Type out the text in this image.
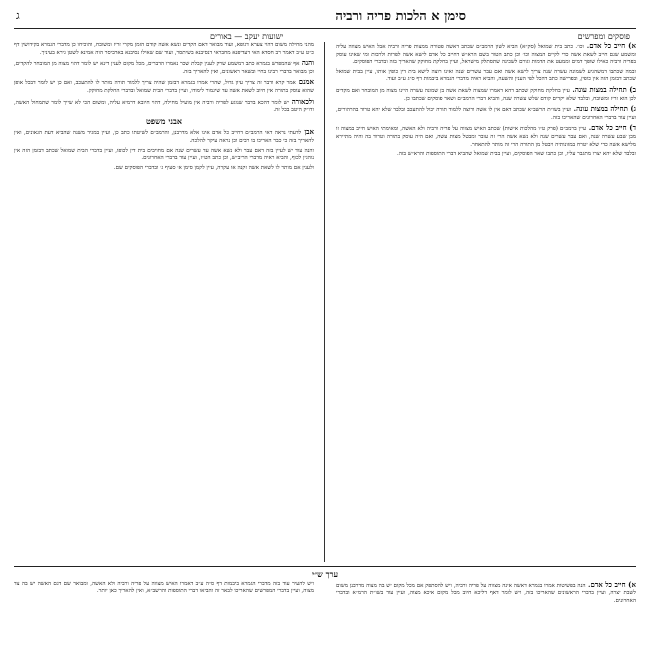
סימן א הלכות פריה ורביה
ג
פוסקים ומפרשים
ישועות יעקב — באורים

א) חייב כל אדם. וכו׳. כתב בית שמואל (סק״א) הביא לשון הרמב״ם שכתב דאשה פטורה ממצות פריה ורביה אבל האיש מצווה עליה ומשמע שגם חייב לשאת אשה כדי לקיים המצוה וכו׳ וכן כתב הטור בשם הרא״ש דחייב כל אדם לישא אשה לפרות ולרבות ומי שאינו עוסק בפריה ורביה כאילו שופך דמים וממעט את הדמות וגורם לשכינה שתסתלק מישראל, ועיין בחלקת מחוקק שהאריך בזה ובדברי הפוסקים.

ובמה שכתבו דמשהגיע לשמונה עשרה שנה צריך לישא אשה ואם עבר עשרים שנה ואינו רוצה לישא בית דין כופין אותו, עיין בבית שמואל שכתב דבזמן הזה אין כופין, ובפרישה כתב דהכל לפי הענין והשעה, והביא ראיה מדברי הגמרא ביבמות דף ס״ג ע״ב ועוד.

ב) תחילה במצות עונה. עיין בחלקת מחוקק שכתב דהא דאמרו שמצוה לשאת אשה בן שמונה עשרה היינו מצוה מן המובחר ואם מקדים לכן הוא זריז ומשובח, ובלבד שלא יקדים קודם שלש עשרה שנה, והביא דברי הרמב״ם ושאר פוסקים שכתבו כן.

ג) תחילה במצות עונה. ועיין בשו״ת הרשב״א שכתב דאם אין לו אשה ורוצה ללמוד תורה יכול להתעכב ובלבד שלא יהא טרוד בהרהורים, ועיין עוד בדברי האחרונים שהאריכו בזה.

ד) חייב כל אדם. עיין ברמב״ם (פרק ט״ו מהלכות אישות) שכתב האיש מצווה על פריה ורביה ולא האשה, ומאימתי האיש חייב במצוה זו מבן שבע עשרה שנה, ואם עבר עשרים שנה ולא נשא אשה הרי זה עובר ומבטל מצות עשה, ואם היה עוסק בתורה וטרוד בה והיה מתיירא מלישא אשה כדי שלא יטרח במזונותיה ויבטל מן התורה הרי זה מותר להתאחר.

ובלבד שלא יהא יצרו מתגבר עליו, וכן כתבו שאר הפוסקים, ועיין בבית שמואל שהביא דברי התוספות והרא״ש בזה.

מהני מחילה משום דהוי צערא דגופא, ועוד מבואר דאם הקדים ונשא אשה קודם הזמן מקרי זריז ומשובח, והוכיחו כן מדברי הגמרא בקידושין דף כ״ט ע״ב דאמר רב חסדא האי דעדיפנא מחבראי דנסיבנא בשיתסר, ועוד שם שאילו נסיבנא בארביסר הוה אמינא לשטן גירא בעיניך.

והנה אף שהמפרש בגמרא כתב דמשמע שרק לענין קבלת שכר נאמרו הדברים, מכל מקום לענין דינא יש לומר דהוי מצוה מן המובחר להקדים, וכן מבואר בדברי רבינו בחיי ובשאר ראשונים, ואין להאריך בזה.

אמנם אמר קרא ודבר זה צריך עיון גדול, שהרי אמרו בגמרא דבזמן שהיה צריך ללמוד תורה מותר לו להתעכב, ואם כן יש לומר דבכל אופן שהוא עוסק בתורה אין חיוב לשאת אשה עד שיגמור לימודו, ועיין בדברי הבית שמואל ובדברי החלקת מחוקק.

ולכאורה יש לומר דהכא בדבר שנוגע לפריה ורביה אין מועיל מחילה, דהוי חיובא דרמיא עליה, ומשום הכי לא שייך לומר שתמחול האשה, ודו״ק היטב בכל זה.

אבני משפט

אבן לדעתי נראה דאי הרמב״ם דחייב כל אדם אינו אלא מדרבנן, והרמב״ם לשיטתו כתב כן, ועיין במגיד משנה שהביא דעת הגאונים, ואין להאריך בזה כי כבר האריכו בו רבים וכן נראה עיקר להלכה.

והנה עוד יש לעיין בזה דאם עבר ולא נשא אשה עד עשרים שנה אם מחויבים בית דין לכופו, ועיין בדברי הבית שמואל שכתב דבזמן הזה אין נוהגין לכוף, והביא ראיה מדברי הריב״ש, וכן כתב הט״ז, ועיין עוד בדברי האחרונים.

ולענין אם מותר לו לשאת אשה זקנה או עקרה, עיין לקמן סימן א׳ סעיף ג׳ ובדברי הפוסקים שם.

ערך ש״י

א) חייב כל אדם. הנה בפשיטות אמרו בגמרא דאשה אינה מצווה על פריה ורביה, ויש להסתפק אם מכל מקום יש בה מצוה מדרבנן משום לשבת יצרה, ועיין בדברי הראשונים שהאריכו בזה, ויש לומר דאף דליכא חיוב מכל מקום איכא מצוה, ועיין עוד בשו״ת הרמ״א ובדברי האחרונים.

ויש להעיר עוד בזה מדברי הגמרא ביבמות דף ס״ה ע״ב דאמרו האיש מצווה על פריה ורביה ולא האשה, ומבואר שם דגם האשה יש בה צד מצוה, ועיין בדברי המפרשים שהאריכו לבאר זה והביאו דברי התוספות והרשב״א, ואין להאריך כאן יותר.
